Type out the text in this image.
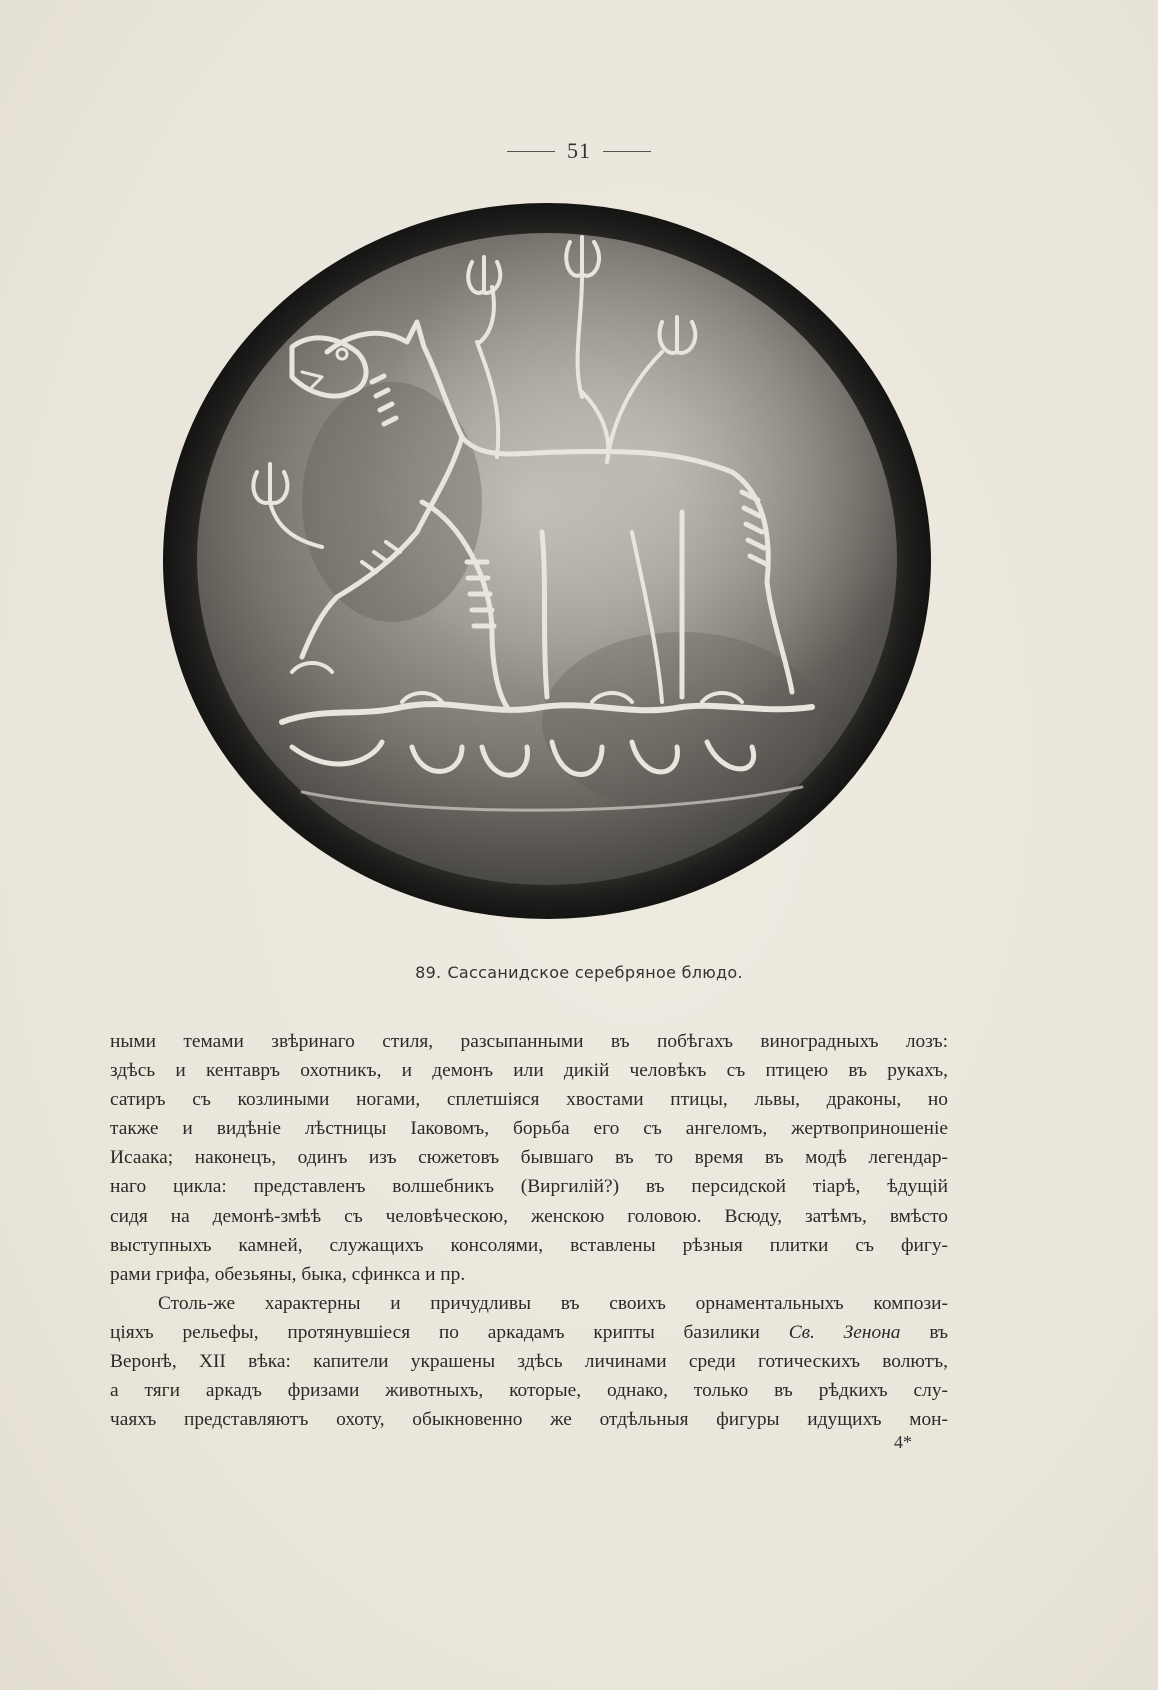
51
89. Сассанидское серебряное блюдо.
ными темами звѣринаго стиля, разсыпанными въ побѣгахъ виноградныхъ лозъ:
здѣсь и кентавръ охотникъ, и демонъ или дикій человѣкъ съ птицею въ рукахъ,
сатиръ съ козлиными ногами, сплетшіяся хвостами птицы, львы, драконы, но
также и видѣніе лѣстницы Іаковомъ, борьба его съ ангеломъ, жертвоприношеніе
Исаака; наконецъ, одинъ изъ сюжетовъ бывшаго въ то время въ модѣ легендар-
наго цикла: представленъ волшебникъ (Виргилій?) въ персидской тіарѣ, ѣдущій
сидя на демонѣ-змѣѣ съ человѣческою, женскою головою. Всюду, затѣмъ, вмѣсто
выступныхъ камней, служащихъ консолями, вставлены рѣзныя плитки съ фигу-
рами грифа, обезьяны, быка, сфинкса и пр.
Столь-же характерны и причудливы въ своихъ орнаментальныхъ компози-
ціяхъ рельефы, протянувшіеся по аркадамъ крипты базилики Св. Зенона въ
Веронѣ, XII вѣка: капители украшены здѣсь личинами среди готическихъ волютъ,
а тяги аркадъ фризами животныхъ, которые, однако, только въ рѣдкихъ слу-
чаяхъ представляютъ охоту, обыкновенно же отдѣльныя фигуры идущихъ мон-
4*
